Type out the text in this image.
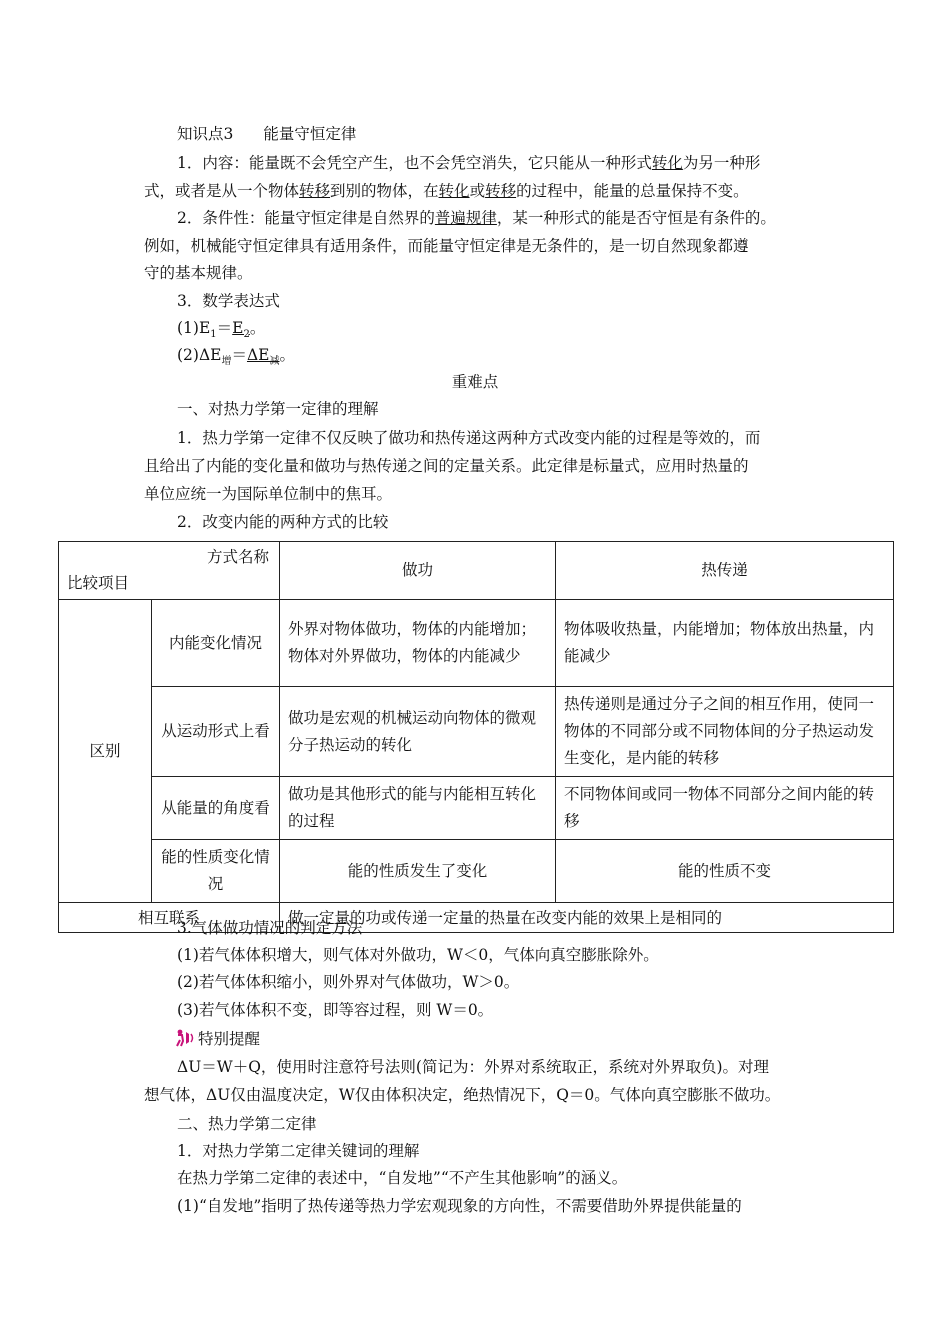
知识点3 能量守恒定律
1．内容：能量既不会凭空产生，也不会凭空消失，它只能从一种形式转化为另一种形
式，或者是从一个物体转移到别的物体，在转化或转移的过程中，能量的总量保持不变。
2．条件性：能量守恒定律是自然界的普遍规律，某一种形式的能是否守恒是有条件的。
例如，机械能守恒定律具有适用条件，而能量守恒定律是无条件的，是一切自然现象都遵
守的基本规律。
3．数学表达式
$(1)E_1=E_2$。
$(2)\Delta E_增=\Delta E_减$。
重难点
一、对热力学第一定律的理解
1．热力学第一定律不仅反映了做功和热传递这两种方式改变内能的过程是等效的，而
且给出了内能的变化量和做功与热传递之间的定量关系。此定律是标量式，应用时热量的
单位应统一为国际单位制中的焦耳。
2．改变内能的两种方式的比较
方式名称
比较项目		做功	热传递
区别	内能变化情况	外界对物体做功，物体的内能增加；物体对外界做功，物体的内能减少	物体吸收热量，内能增加；物体放出热量，内能减少
	从运动形式上看	做功是宏观的机械运动向物体的微观分子热运动的转化	热传递则是通过分子之间的相互作用，使同一物体的不同部分或不同物体间的分子热运动发生变化，是内能的转移
	从能量的角度看	做功是其他形式的能与内能相互转化的过程	不同物体间或同一物体不同部分之间内能的转移
	能的性质变化情况	能的性质发生了变化	能的性质不变
相互联系		做一定量的功或传递一定量的热量在改变内能的效果上是相同的	
3.气体做功情况的判定方法
(1)若气体体积增大，则气体对外做功，W＜0，气体向真空膨胀除外。
(2)若气体体积缩小，则外界对气体做功，W＞0。
(3)若气体体积不变，即等容过程，则 W＝0。
特别提醒
ΔU＝W＋Q，使用时注意符号法则(简记为：外界对系统取正，系统对外界取负)。对理
想气体，ΔU仅由温度决定，W仅由体积决定，绝热情况下，Q＝0。气体向真空膨胀不做功。
二、热力学第二定律
1．对热力学第二定律关键词的理解
在热力学第二定律的表述中，“自发地”“不产生其他影响”的涵义。
(1)“自发地”指明了热传递等热力学宏观现象的方向性，不需要借助外界提供能量的
